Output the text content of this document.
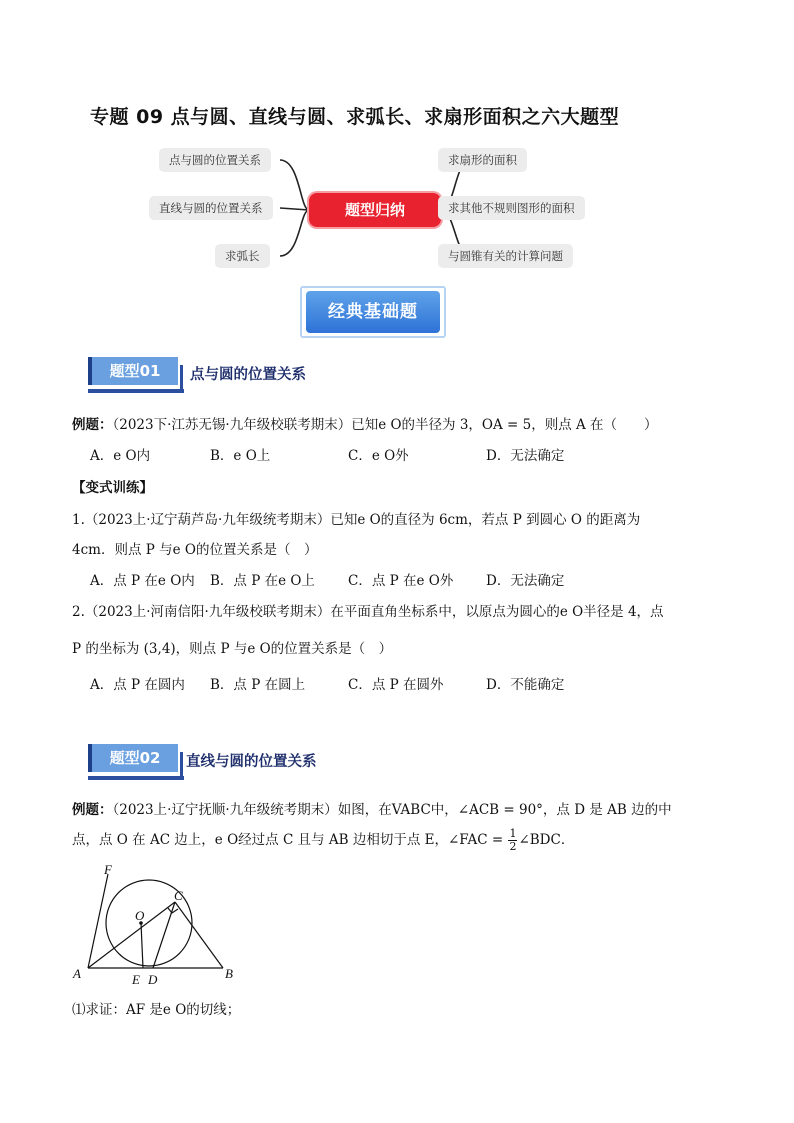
专题 09 点与圆、直线与圆、求弧长、求扇形面积之六大题型
点与圆的位置关系
直线与圆的位置关系
求弧长
题型归纳
求扇形的面积
求其他不规则图形的面积
与圆锥有关的计算问题
经典基础题
题型01	点与圆的位置关系
例题：（2023下·江苏无锡·九年级校联考期末）已知e O的半径为 3，OA = 5，则点 A 在（　　）
A．e O内	B．e O上	C．e O外	D．无法确定
【变式训练】
1.（2023上·辽宁葫芦岛·九年级统考期末）已知e O的直径为 6cm，若点 P 到圆心 O 的距离为
4cm．则点 P 与e O的位置关系是（　）
A．点 P 在e O内 B．点 P 在e O上 C．点 P 在e O外 D．无法确定
2.（2023上·河南信阳·九年级校联考期末）在平面直角坐标系中，以原点为圆心的e O半径是 4，点
P 的坐标为 (3,4)，则点 P 与e O的位置关系是（　）
A．点 P 在圆内 B．点 P 在圆上	C．点 P 在圆外	D．不能确定
题型02	直线与圆的位置关系
例题：（2023上·辽宁抚顺·九年级统考期末）如图，在VABC中，∠ACB = 90°，点 D 是 AB 边的中
点，点 O 在 AC 边上，e O经过点 C 且与 AB 边相切于点 E，∠FAC = $\frac{1}{2}$ ∠BDC．
F
C
O
A	E D	B
⑴求证：AF 是e O的切线；
